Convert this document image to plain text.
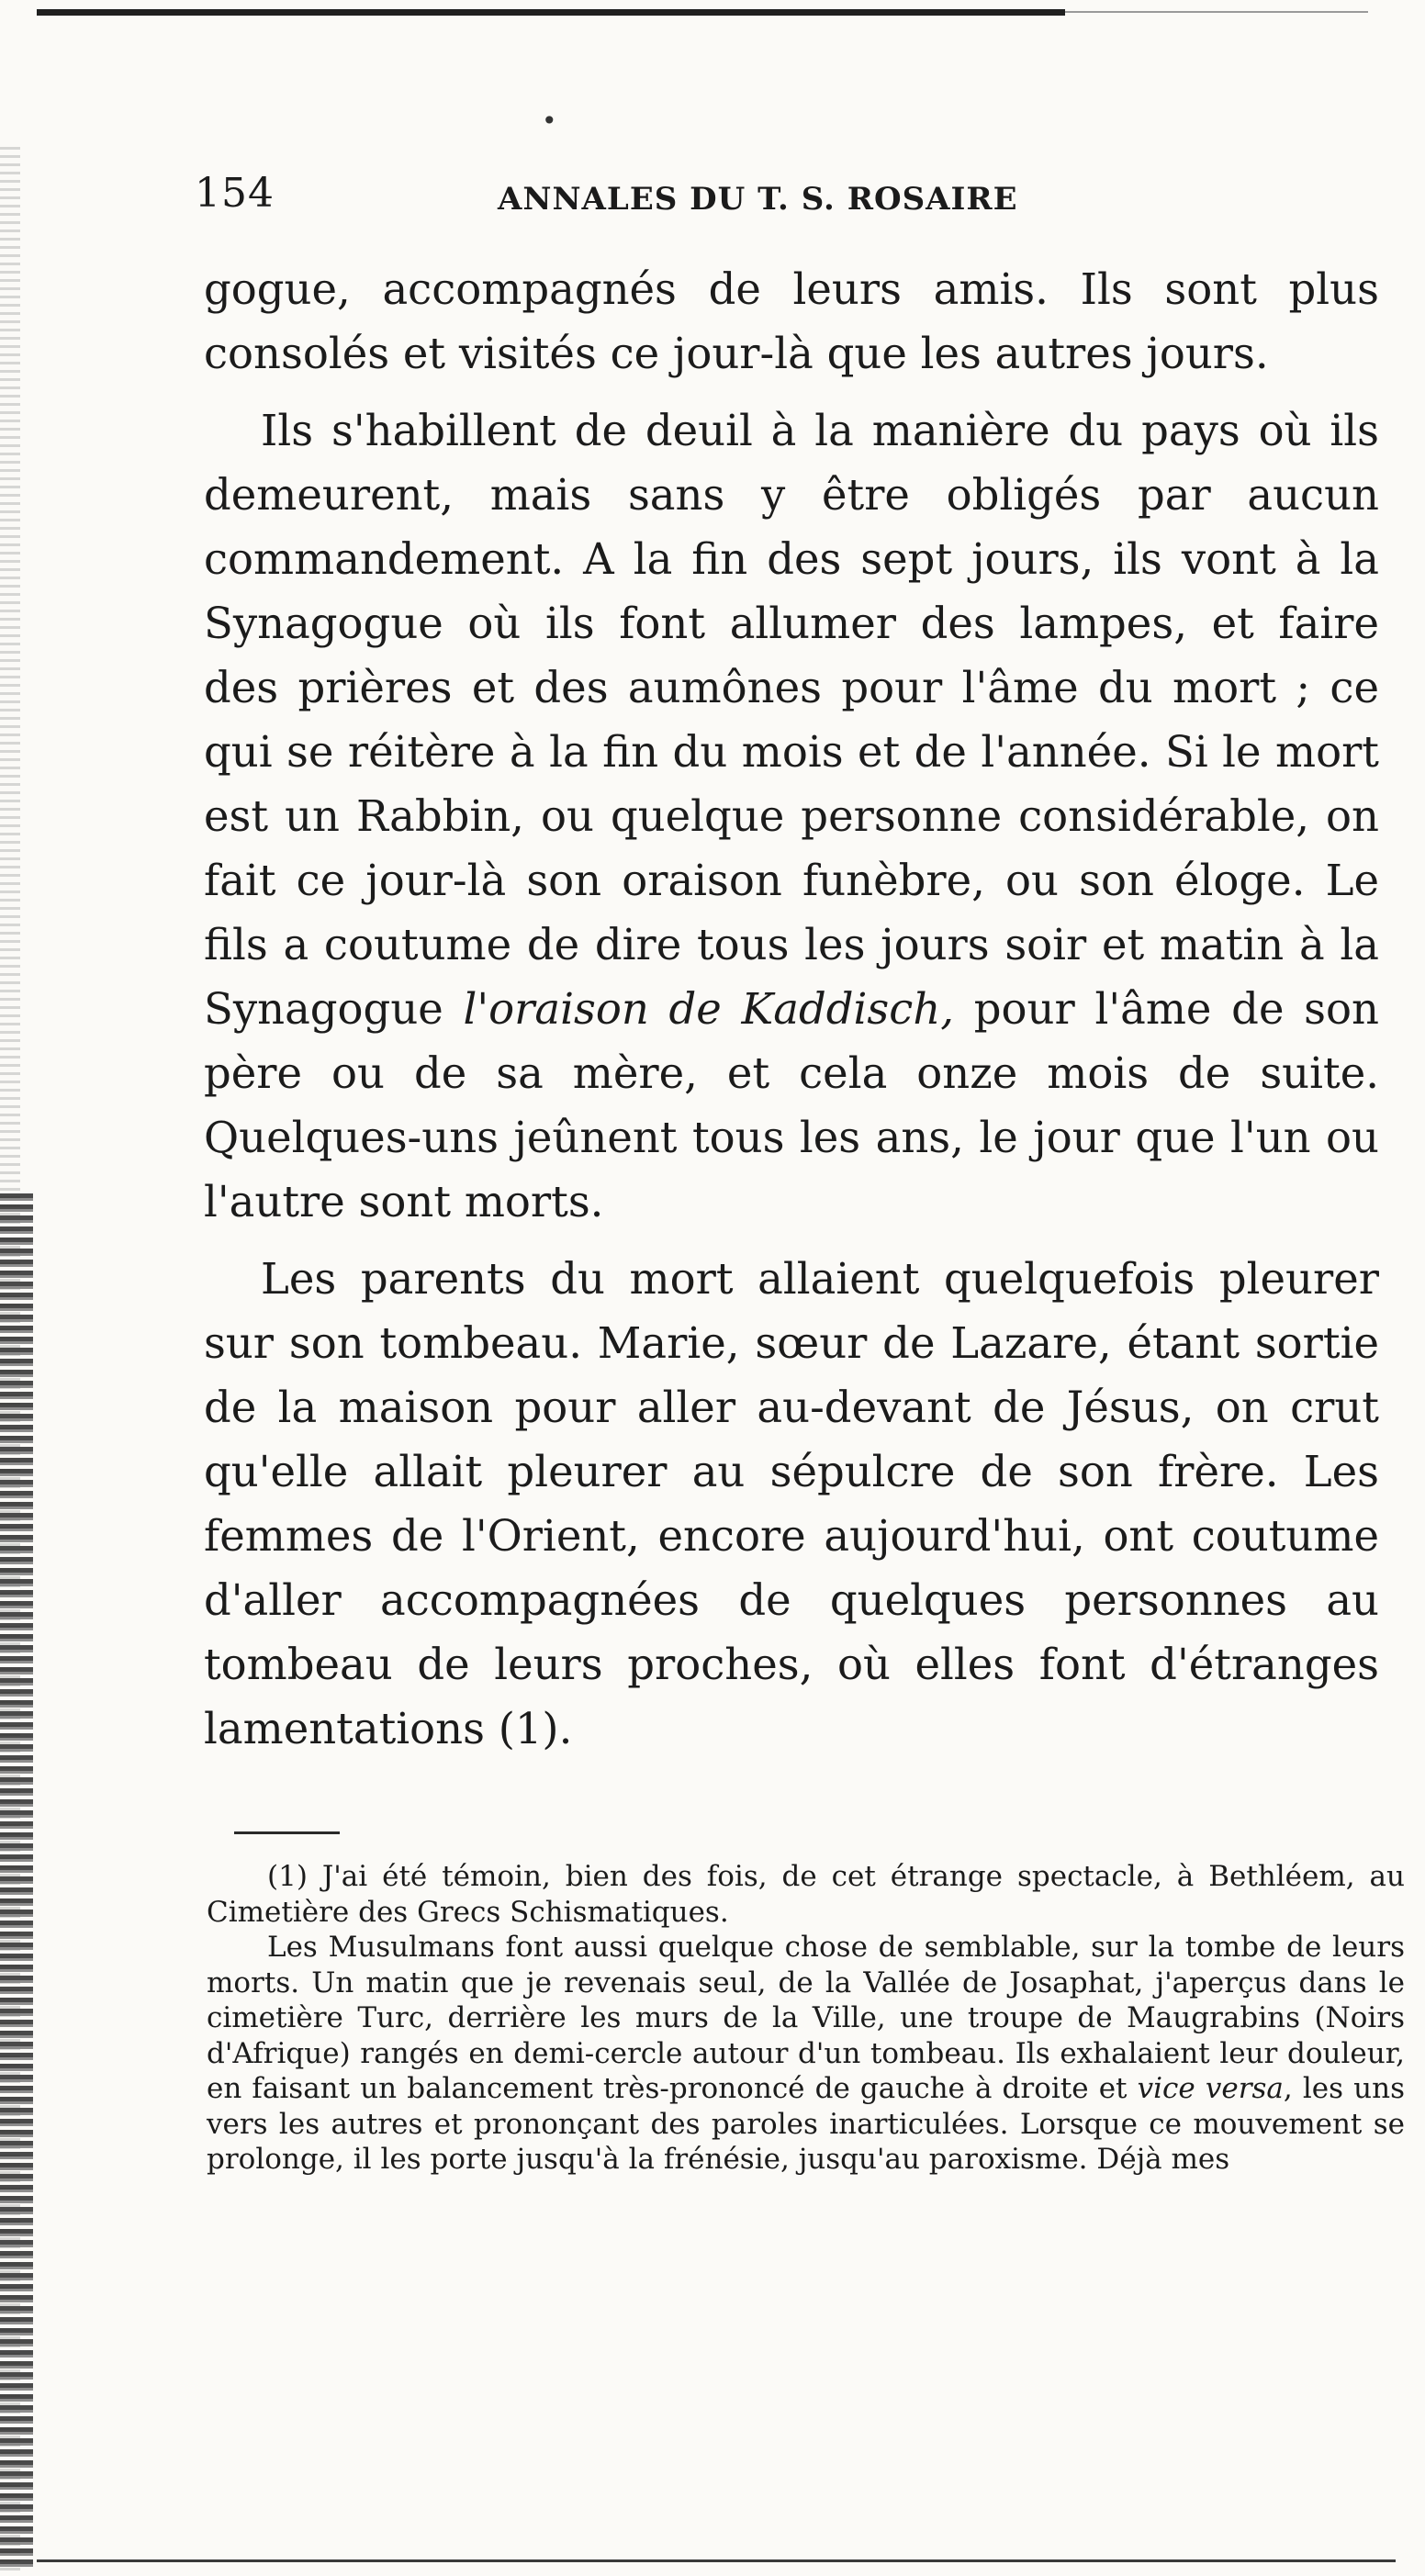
•
154	ANNALES DU T. S. ROSAIRE

gogue, accompagnés de leurs amis. Ils sont plus consolés et visités ce jour-là que les autres jours.

Ils s'habillent de deuil à la manière du pays où ils demeurent, mais sans y être obligés par aucun commandement. A la fin des sept jours, ils vont à la Synagogue où ils font allumer des lampes, et faire des prières et des aumônes pour l'âme du mort ; ce qui se réitère à la fin du mois et de l'année. Si le mort est un Rabbin, ou quelque personne considérable, on fait ce jour-là son oraison funèbre, ou son éloge. Le fils a coutume de dire tous les jours soir et matin à la Synagogue l'oraison de Kaddisch, pour l'âme de son père ou de sa mère, et cela onze mois de suite. Quelques-uns jeûnent tous les ans, le jour que l'un ou l'autre sont morts.

Les parents du mort allaient quelquefois pleurer sur son tombeau. Marie, sœur de Lazare, étant sortie de la maison pour aller au-devant de Jésus, on crut qu'elle allait pleurer au sépulcre de son frère. Les femmes de l'Orient, encore aujourd'hui, ont coutume d'aller accompagnées de quelques personnes au tombeau de leurs proches, où elles font d'étranges lamentations (1).

(1) J'ai été témoin, bien des fois, de cet étrange spectacle, à Bethléem, au Cimetière des Grecs Schismatiques.

Les Musulmans font aussi quelque chose de semblable, sur la tombe de leurs morts. Un matin que je revenais seul, de la Vallée de Josaphat, j'aperçus dans le cimetière Turc, derrière les murs de la Ville, une troupe de Maugrabins (Noirs d'Afrique) rangés en demi-cercle autour d'un tombeau. Ils exhalaient leur douleur, en faisant un balancement très-prononcé de gauche à droite et vice versa, les uns vers les autres et prononçant des paroles inarticulées. Lorsque ce mouvement se prolonge, il les porte jusqu'à la frénésie, jusqu'au paroxisme. Déjà mes
